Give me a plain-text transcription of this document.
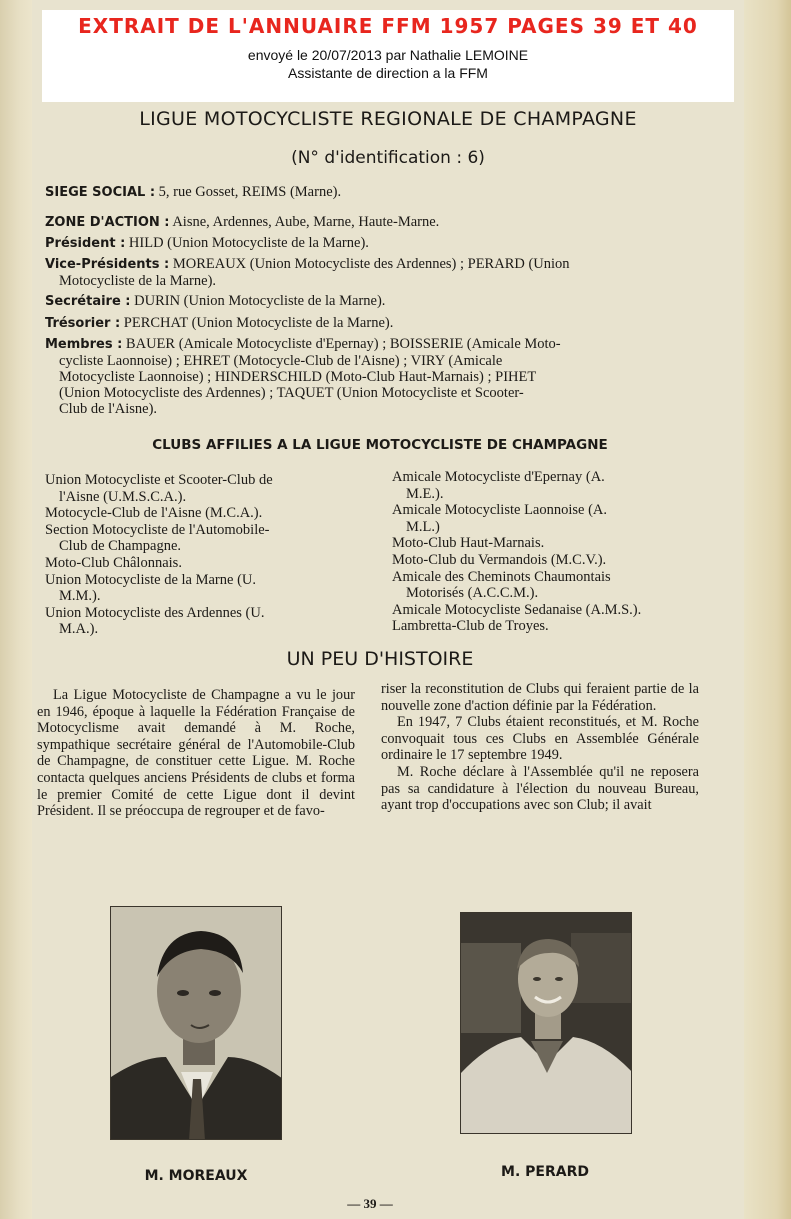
EXTRAIT DE L'ANNUAIRE FFM 1957 PAGES 39 ET 40
envoyé le 20/07/2013 par Nathalie LEMOINE
Assistante de direction a la FFM
LIGUE MOTOCYCLISTE REGIONALE DE CHAMPAGNE
(N° d'identification : 6)
SIEGE SOCIAL : 5, rue Gosset, REIMS (Marne).
ZONE D'ACTION : Aisne, Ardennes, Aube, Marne, Haute-Marne.
Président : HILD (Union Motocycliste de la Marne).
Vice-Présidents : MOREAUX (Union Motocycliste des Ardennes) ; PERARD (Union
Motocycliste de la Marne).
Secrétaire : DURIN (Union Motocycliste de la Marne).
Trésorier : PERCHAT (Union Motocycliste de la Marne).
Membres : BAUER (Amicale Motocycliste d'Epernay) ; BOISSERIE (Amicale Moto-
cycliste Laonnoise) ; EHRET (Motocycle-Club de l'Aisne) ; VIRY (Amicale
Motocycliste Laonnoise) ; HINDERSCHILD (Moto-Club Haut-Marnais) ; PIHET
(Union Motocycliste des Ardennes) ; TAQUET (Union Motocycliste et Scooter-
Club de l'Aisne).
CLUBS AFFILIES A LA LIGUE MOTOCYCLISTE DE CHAMPAGNE
Union Motocycliste et Scooter-Club de
l'Aisne (U.M.S.C.A.).
Motocycle-Club de l'Aisne (M.C.A.).
Section Motocycliste de l'Automobile-
Club de Champagne.
Moto-Club Châlonnais.
Union Motocycliste de la Marne (U.
M.M.).
Union Motocycliste des Ardennes (U.
M.A.).
Amicale Motocycliste d'Epernay (A.
M.E.).
Amicale Motocycliste Laonnoise (A.
M.L.)
Moto-Club Haut-Marnais.
Moto-Club du Vermandois (M.C.V.).
Amicale des Cheminots Chaumontais
Motorisés (A.C.C.M.).
Amicale Motocycliste Sedanaise (A.M.S.).
Lambretta-Club de Troyes.
UN PEU D'HISTOIRE

La Ligue Motocycliste de Champagne a vu le jour en 1946, époque à laquelle la Fédération Française de Motocyclisme avait demandé à M. Roche, sympathique secrétaire général de l'Automobile-Club de Champagne, de constituer cette Ligue. M. Roche contacta quelques anciens Présidents de clubs et forma le premier Comité de cette Ligue dont il devint Président. Il se préoccupa de regrouper et de favo-

riser la reconstitution de Clubs qui feraient partie de la nouvelle zone d'action définie par la Fédération.

En 1947, 7 Clubs étaient reconstitués, et M. Roche convoquait tous ces Clubs en Assemblée Générale ordinaire le 17 septembre 1949.

M. Roche déclare à l'Assemblée qu'il ne reposera pas sa candidature à l'élection du nouveau Bureau, ayant trop d'occupations avec son Club; il avait

M. MOREAUX	M. PERARD
— 39 —
